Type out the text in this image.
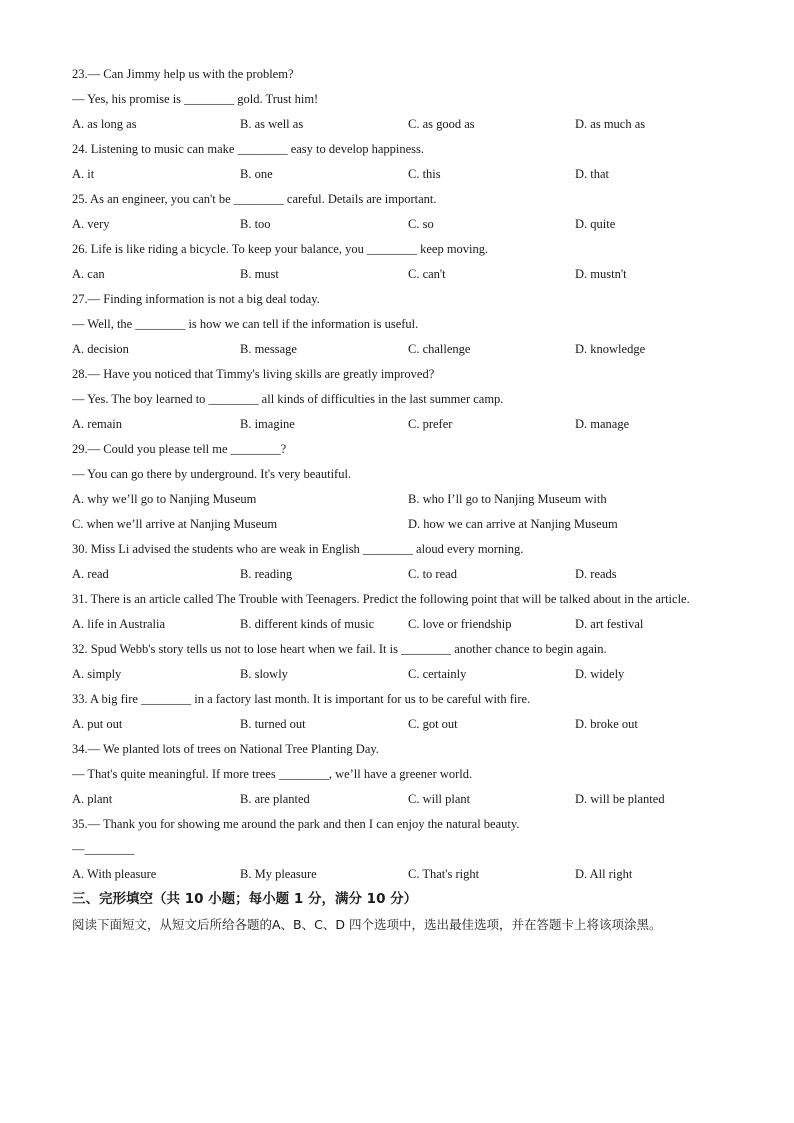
23.— Can Jimmy help us with the problem?
— Yes, his promise is ________ gold. Trust him!
A. as long as	B. as well as	C. as good as	D. as much as
24. Listening to music can make ________ easy to develop happiness.
A. it	B. one	C. this	D. that
25. As an engineer, you can't be ________ careful. Details are important.
A. very	B. too	C. so	D. quite
26. Life is like riding a bicycle. To keep your balance, you ________ keep moving.
A. can	B. must	C. can't	D. mustn't
27.— Finding information is not a big deal today.
— Well, the ________ is how we can tell if the information is useful.
A. decision	B. message	C. challenge	D. knowledge
28.— Have you noticed that Timmy's living skills are greatly improved?
— Yes. The boy learned to ________ all kinds of difficulties in the last summer camp.
A. remain	B. imagine	C. prefer	D. manage
29.— Could you please tell me ________?
— You can go there by underground. It's very beautiful.
A. why we’ll go to Nanjing Museum	B. who I’ll go to Nanjing Museum with
C. when we’ll arrive at Nanjing Museum	D. how we can arrive at Nanjing Museum
30. Miss Li advised the students who are weak in English ________ aloud every morning.
A. read	B. reading	C. to read	D. reads
31. There is an article called The Trouble with Teenagers. Predict the following point that will be talked about in the article.
A. life in Australia	B. different kinds of music	C. love or friendship	D. art festival
32. Spud Webb's story tells us not to lose heart when we fail. It is ________ another chance to begin again.
A. simply	B. slowly	C. certainly	D. widely
33. A big fire ________ in a factory last month. It is important for us to be careful with fire.
A. put out	B. turned out	C. got out	D. broke out
34.— We planted lots of trees on National Tree Planting Day.
— That's quite meaningful. If more trees ________, we’ll have a greener world.
A. plant	B. are planted	C. will plant	D. will be planted
35.— Thank you for showing me around the park and then I can enjoy the natural beauty.
—________
A. With pleasure	B. My pleasure	C. That's right	D. All right
三、完形填空（共 10 小题；每小题 1 分，满分 10 分）
阅读下面短文，从短文后所给各题的A、B、C、D 四个选项中，选出最佳选项，并在答题卡上将该项涂黑。
